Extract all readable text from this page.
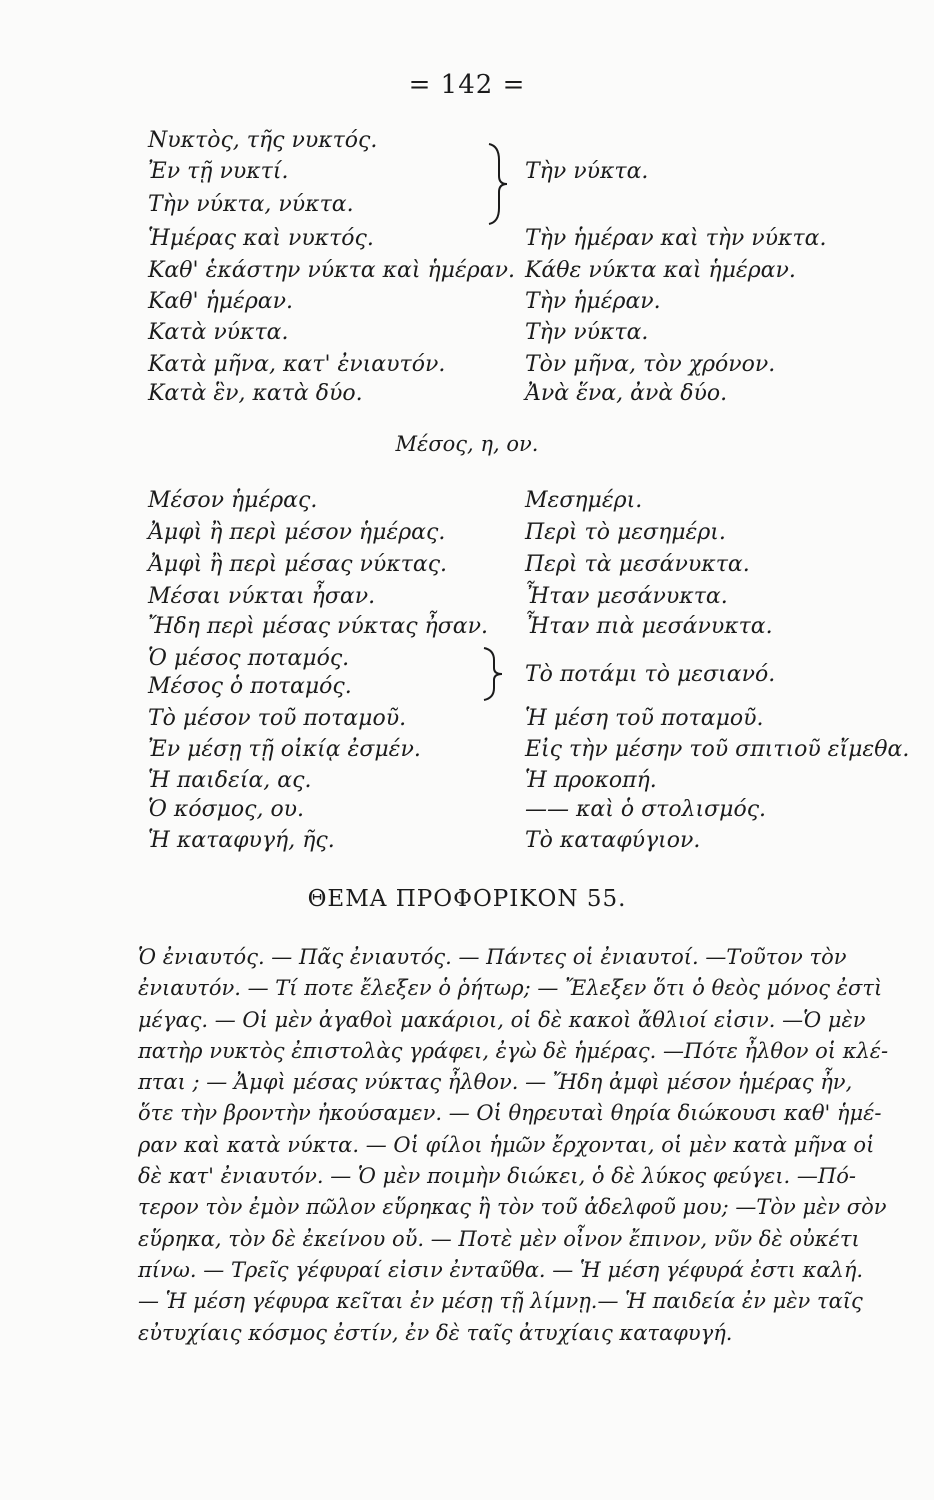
= 142 =
Νυκτὸς, τῆς νυκτός.
Ἐν τῇ νυκτί.	Τὴν νύκτα.
Τὴν νύκτα, νύκτα.
Ἡμέρας καὶ νυκτός.	Τὴν ἡμέραν καὶ τὴν νύκτα.
Καθ' ἑκάστην νύκτα καὶ ἡμέραν. Κάθε νύκτα καὶ ἡμέραν.
Καθ' ἡμέραν.	Τὴν ἡμέραν.
Κατὰ νύκτα.	Τὴν νύκτα.
Κατὰ μῆνα, κατ' ἐνιαυτόν.	Τὸν μῆνα, τὸν χρόνον.
Κατὰ ἓν, κατὰ δύο.	Ἀνὰ ἕνα, ἀνὰ δύο.
Μέσος, η, ον.
Μέσον ἡμέρας.	Μεσημέρι.
Ἀμφὶ ἢ περὶ μέσον ἡμέρας.	Περὶ τὸ μεσημέρι.
Ἀμφὶ ἢ περὶ μέσας νύκτας.	Περὶ τὰ μεσάνυκτα.
Μέσαι νύκται ἦσαν.	Ἦταν μεσάνυκτα.
Ἤδη περὶ μέσας νύκτας ἦσαν. Ἦταν πιὰ μεσάνυκτα.
Ὁ μέσος ποταμός.
Μέσος ὁ ποταμός.	Τὸ ποτάμι τὸ μεσιανό.
Τὸ μέσον τοῦ ποταμοῦ.	Ἡ μέση τοῦ ποταμοῦ.
Ἐν μέσῃ τῇ οἰκίᾳ ἐσμέν.	Εἰς τὴν μέσην τοῦ σπιτιοῦ εἴμεθα.
Ἡ παιδεία, ας.	Ἡ προκοπή.
Ὁ κόσμος, ου.	—— καὶ ὁ στολισμός.
Ἡ καταφυγή, ῆς.	Τὸ καταφύγιον.
ΘΕΜΑ ΠΡΟΦΟΡΙΚΟΝ 55.
Ὁ ἐνιαυτός. — Πᾶς ἐνιαυτός. — Πάντες οἱ ἐνιαυτοί. —Τοῦτον τὸν
ἐνιαυτόν. — Τί ποτε ἔλεξεν ὁ ῥήτωρ; — Ἔλεξεν ὅτι ὁ θεὸς μόνος ἐστὶ
μέγας. — Οἱ μὲν ἀγαθοὶ μακάριοι, οἱ δὲ κακοὶ ἄθλιοί εἰσιν. —Ὁ μὲν
πατὴρ νυκτὸς ἐπιστολὰς γράφει, ἐγὼ δὲ ἡμέρας. —Πότε ἦλθον οἱ κλέ-
πται ; — Ἀμφὶ μέσας νύκτας ἦλθον. — Ἤδη ἀμφὶ μέσον ἡμέρας ἦν,
ὅτε τὴν βροντὴν ἠκούσαμεν. — Οἱ θηρευταὶ θηρία διώκουσι καθ' ἡμέ-
ραν καὶ κατὰ νύκτα. — Οἱ φίλοι ἡμῶν ἔρχονται, οἱ μὲν κατὰ μῆνα οἱ
δὲ κατ' ἐνιαυτόν. — Ὁ μὲν ποιμὴν διώκει, ὁ δὲ λύκος φεύγει. —Πό-
τερον τὸν ἐμὸν πῶλον εὕρηκας ἢ τὸν τοῦ ἀδελφοῦ μου; —Τὸν μὲν σὸν
εὕρηκα, τὸν δὲ ἐκείνου οὔ. — Ποτὲ μὲν οἶνον ἔπινον, νῦν δὲ οὐκέτι
πίνω. — Τρεῖς γέφυραί εἰσιν ἐνταῦθα. — Ἡ μέση γέφυρά ἐστι καλή.
— Ἡ μέση γέφυρα κεῖται ἐν μέσῃ τῇ λίμνῃ.— Ἡ παιδεία ἐν μὲν ταῖς
εὐτυχίαις κόσμος ἐστίν, ἐν δὲ ταῖς ἀτυχίαις καταφυγή.
